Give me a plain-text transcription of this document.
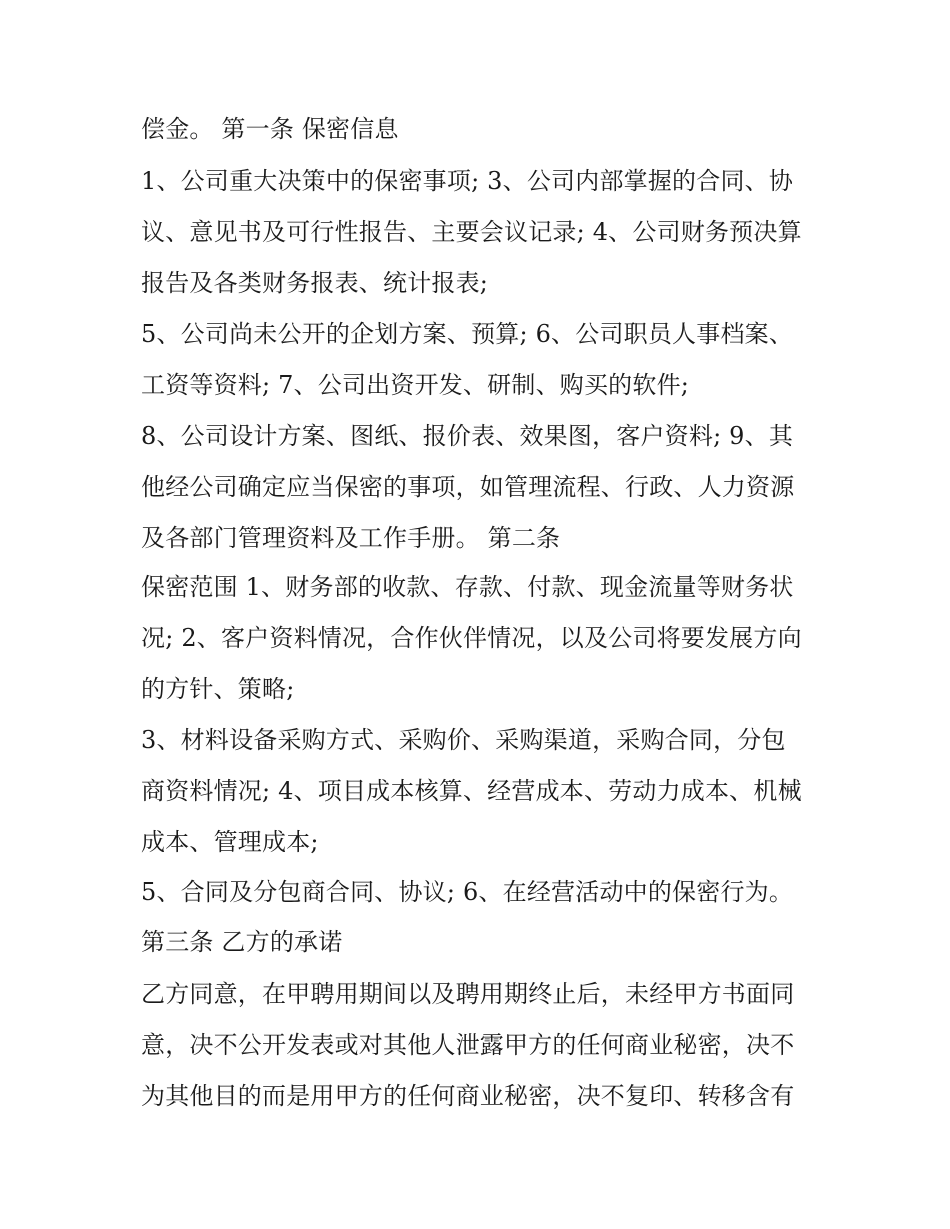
偿金。 第一条 保密信息
1、公司重大决策中的保密事项; 3、公司内部掌握的合同、协
议、意见书及可行性报告、主要会议记录; 4、公司财务预决算
报告及各类财务报表、统计报表;
5、公司尚未公开的企划方案、预算; 6、公司职员人事档案、
工资等资料; 7、公司出资开发、研制、购买的软件;
8、公司设计方案、图纸、报价表、效果图，客户资料; 9、其
他经公司确定应当保密的事项，如管理流程、行政、人力资源
及各部门管理资料及工作手册。 第二条
保密范围 1、财务部的收款、存款、付款、现金流量等财务状
况; 2、客户资料情况，合作伙伴情况，以及公司将要发展方向
的方针、策略;
3、材料设备采购方式、采购价、采购渠道，采购合同，分包
商资料情况; 4、项目成本核算、经营成本、劳动力成本、机械
成本、管理成本;
5、合同及分包商合同、协议; 6、在经营活动中的保密行为。
第三条 乙方的承诺
乙方同意，在甲聘用期间以及聘用期终止后，未经甲方书面同
意，决不公开发表或对其他人泄露甲方的任何商业秘密，决不
为其他目的而是用甲方的任何商业秘密，决不复印、转移含有
